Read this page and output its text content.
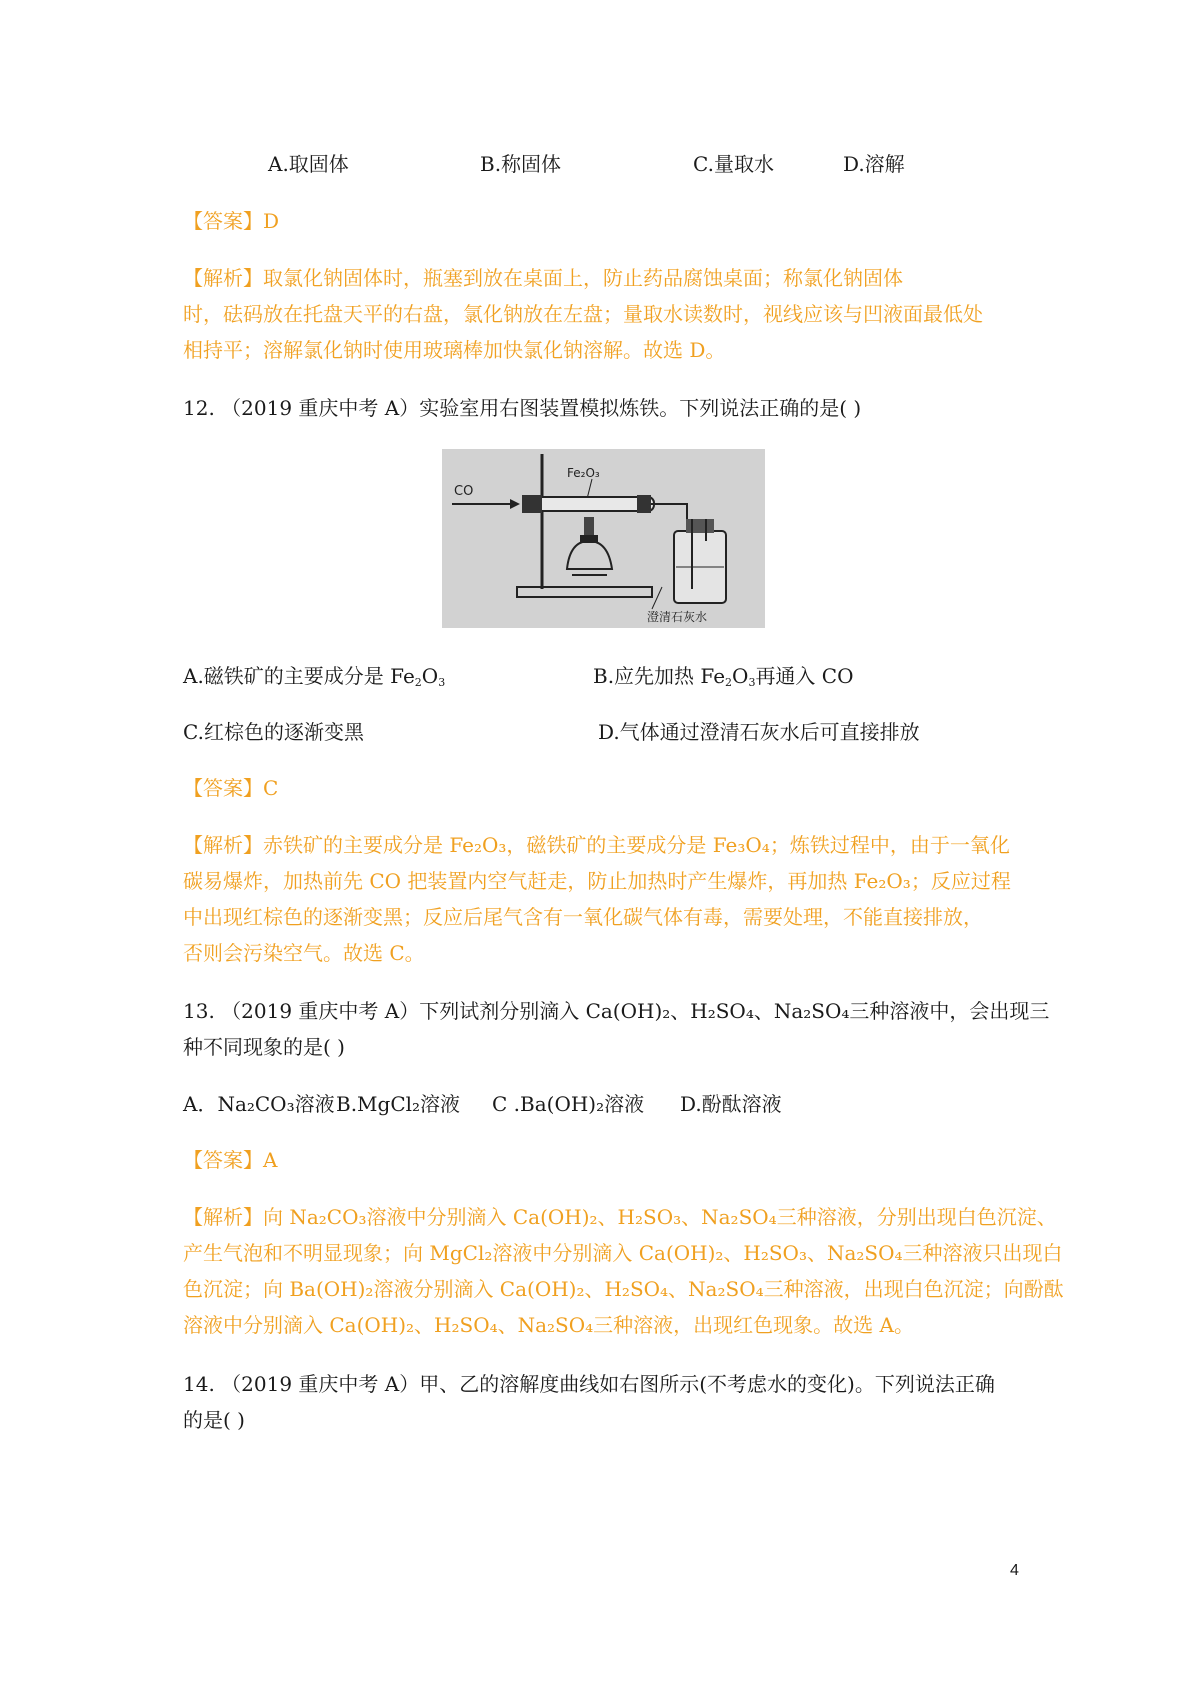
A.取固体	B.称固体	C.量取水	D.溶解
【答案】D
【解析】取氯化钠固体时，瓶塞到放在桌面上，防止药品腐蚀桌面；称氯化钠固体
时，砝码放在托盘天平的右盘，氯化钠放在左盘；量取水读数时，视线应该与凹液面最低处
相持平；溶解氯化钠时使用玻璃棒加快氯化钠溶解。故选 D。
12. （2019 重庆中考 A）实验室用右图装置模拟炼铁。下列说法正确的是( )
CO
Fe₂O₃
澄清石灰水
A.磁铁矿的主要成分是 $Fe_2O_3$	B.应先加热 $Fe_2O_3$再通入 CO
C.红棕色的逐渐变黑	D.气体通过澄清石灰水后可直接排放
【答案】C
【解析】赤铁矿的主要成分是 Fe₂O₃，磁铁矿的主要成分是 Fe₃O₄；炼铁过程中，由于一氧化
碳易爆炸，加热前先 CO 把装置内空气赶走，防止加热时产生爆炸，再加热 Fe₂O₃；反应过程
中出现红棕色的逐渐变黑；反应后尾气含有一氧化碳气体有毒，需要处理，不能直接排放，
否则会污染空气。故选 C。
13. （2019 重庆中考 A）下列试剂分别滴入 Ca(OH)₂、H₂SO₄、Na₂SO₄三种溶液中，会出现三
种不同现象的是( )
A．Na₂CO₃溶液 B.MgCl₂溶液 C .Ba(OH)₂溶液 D.酚酞溶液
【答案】A
【解析】向 Na₂CO₃溶液中分别滴入 Ca(OH)₂、H₂SO₃、Na₂SO₄三种溶液，分别出现白色沉淀、
产生气泡和不明显现象；向 MgCl₂溶液中分别滴入 Ca(OH)₂、H₂SO₃、Na₂SO₄三种溶液只出现白
色沉淀；向 Ba(OH)₂溶液分别滴入 Ca(OH)₂、H₂SO₄、Na₂SO₄三种溶液，出现白色沉淀；向酚酞
溶液中分别滴入 Ca(OH)₂、H₂SO₄、Na₂SO₄三种溶液，出现红色现象。故选 A。
14. （2019 重庆中考 A）甲、乙的溶解度曲线如右图所示(不考虑水的变化)。下列说法正确
的是( )
4
